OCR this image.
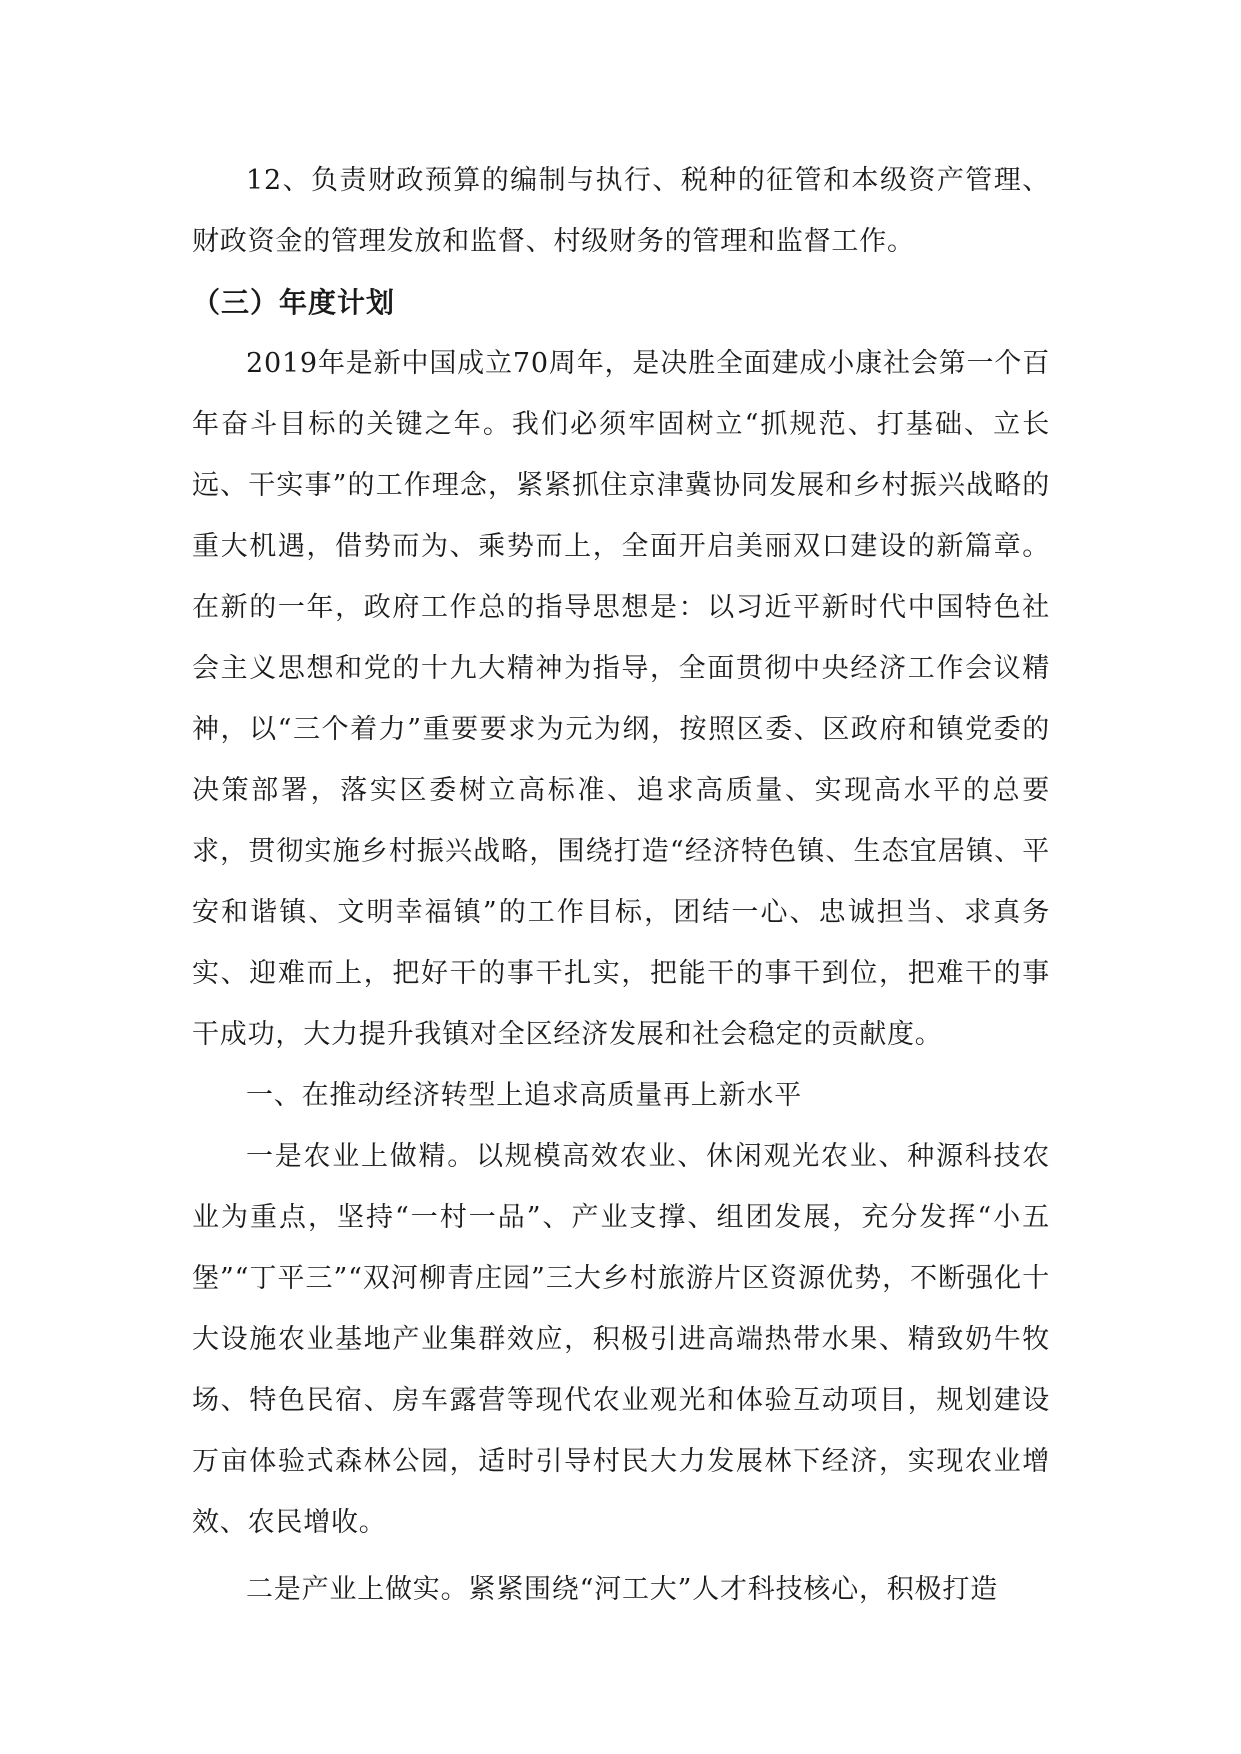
12、负责财政预算的编制与执行、税种的征管和本级资产管理、财政资金的管理发放和监督、村级财务的管理和监督工作。

（三）年度计划

2019年是新中国成立70周年，是决胜全面建成小康社会第一个百年奋斗目标的关键之年。我们必须牢固树立“抓规范、打基础、立长远、干实事”的工作理念，紧紧抓住京津冀协同发展和乡村振兴战略的重大机遇，借势而为、乘势而上，全面开启美丽双口建设的新篇章。在新的一年，政府工作总的指导思想是：以习近平新时代中国特色社会主义思想和党的十九大精神为指导，全面贯彻中央经济工作会议精神，以“三个着力”重要要求为元为纲，按照区委、区政府和镇党委的决策部署，落实区委树立高标准、追求高质量、实现高水平的总要求，贯彻实施乡村振兴战略，围绕打造“经济特色镇、生态宜居镇、平安和谐镇、文明幸福镇”的工作目标，团结一心、忠诚担当、求真务实、迎难而上，把好干的事干扎实，把能干的事干到位，把难干的事干成功，大力提升我镇对全区经济发展和社会稳定的贡献度。

一、在推动经济转型上追求高质量再上新水平

一是农业上做精。以规模高效农业、休闲观光农业、种源科技农业为重点，坚持“一村一品”、产业支撑、组团发展，充分发挥“小五堡”“丁平三”“双河柳青庄园”三大乡村旅游片区资源优势，不断强化十大设施农业基地产业集群效应，积极引进高端热带水果、精致奶牛牧场、特色民宿、房车露营等现代农业观光和体验互动项目，规划建设万亩体验式森林公园，适时引导村民大力发展林下经济，实现农业增效、农民增收。

二是产业上做实。紧紧围绕“河工大”人才科技核心，积极打造
